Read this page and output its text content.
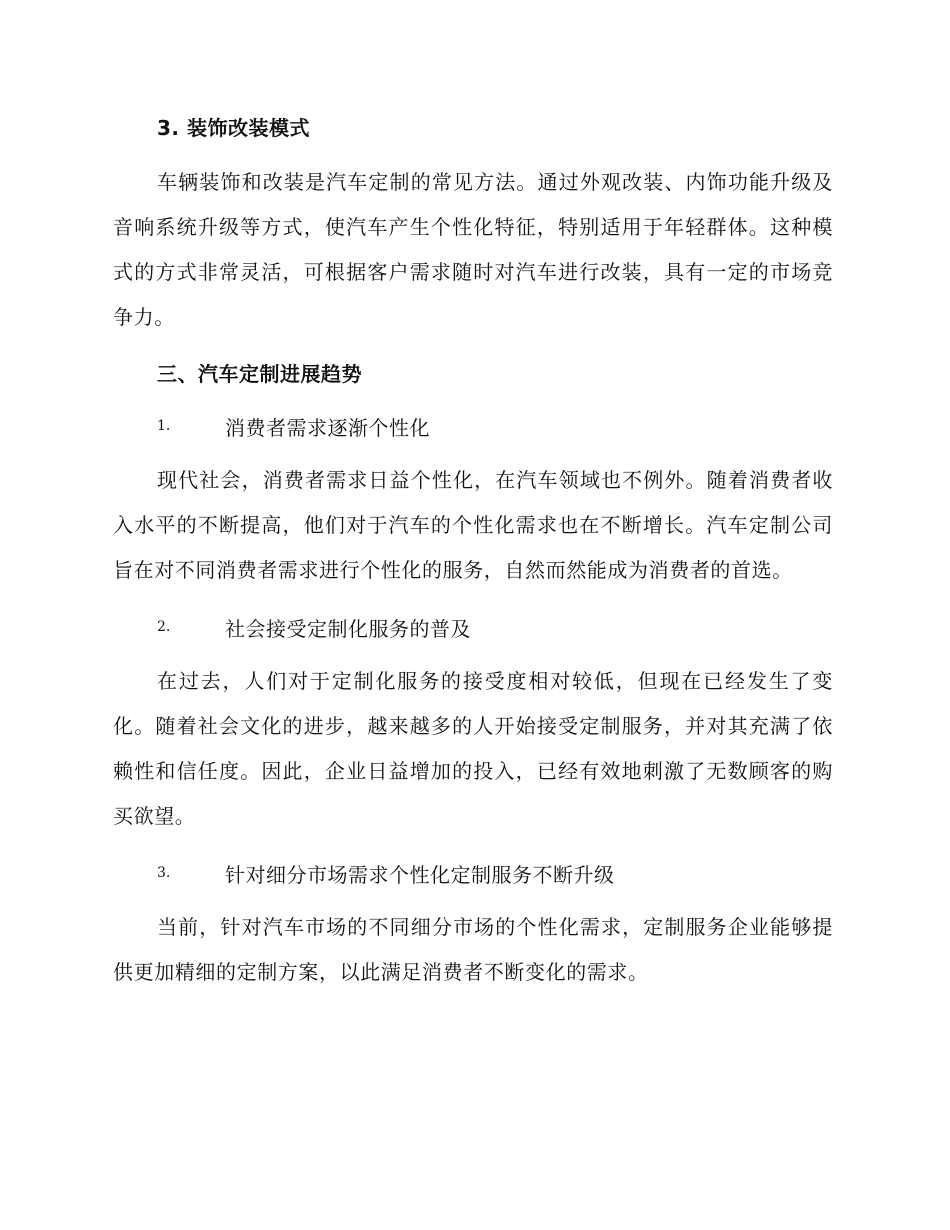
3. 装饰改装模式

车辆装饰和改装是汽车定制的常见方法。通过外观改装、内饰功能升级及音响系统升级等方式，使汽车产生个性化特征，特别适用于年轻群体。这种模式的方式非常灵活，可根据客户需求随时对汽车进行改装，具有一定的市场竞争力。

三、汽车定制进展趋势
1.	消费者需求逐渐个性化

现代社会，消费者需求日益个性化，在汽车领域也不例外。随着消费者收入水平的不断提高，他们对于汽车的个性化需求也在不断增长。汽车定制公司旨在对不同消费者需求进行个性化的服务，自然而然能成为消费者的首选。

2.	社会接受定制化服务的普及

在过去，人们对于定制化服务的接受度相对较低，但现在已经发生了变化。随着社会文化的进步，越来越多的人开始接受定制服务，并对其充满了依赖性和信任度。因此，企业日益增加的投入，已经有效地刺激了无数顾客的购买欲望。

3.	针对细分市场需求个性化定制服务不断升级

当前，针对汽车市场的不同细分市场的个性化需求，定制服务企业能够提供更加精细的定制方案，以此满足消费者不断变化的需求。
